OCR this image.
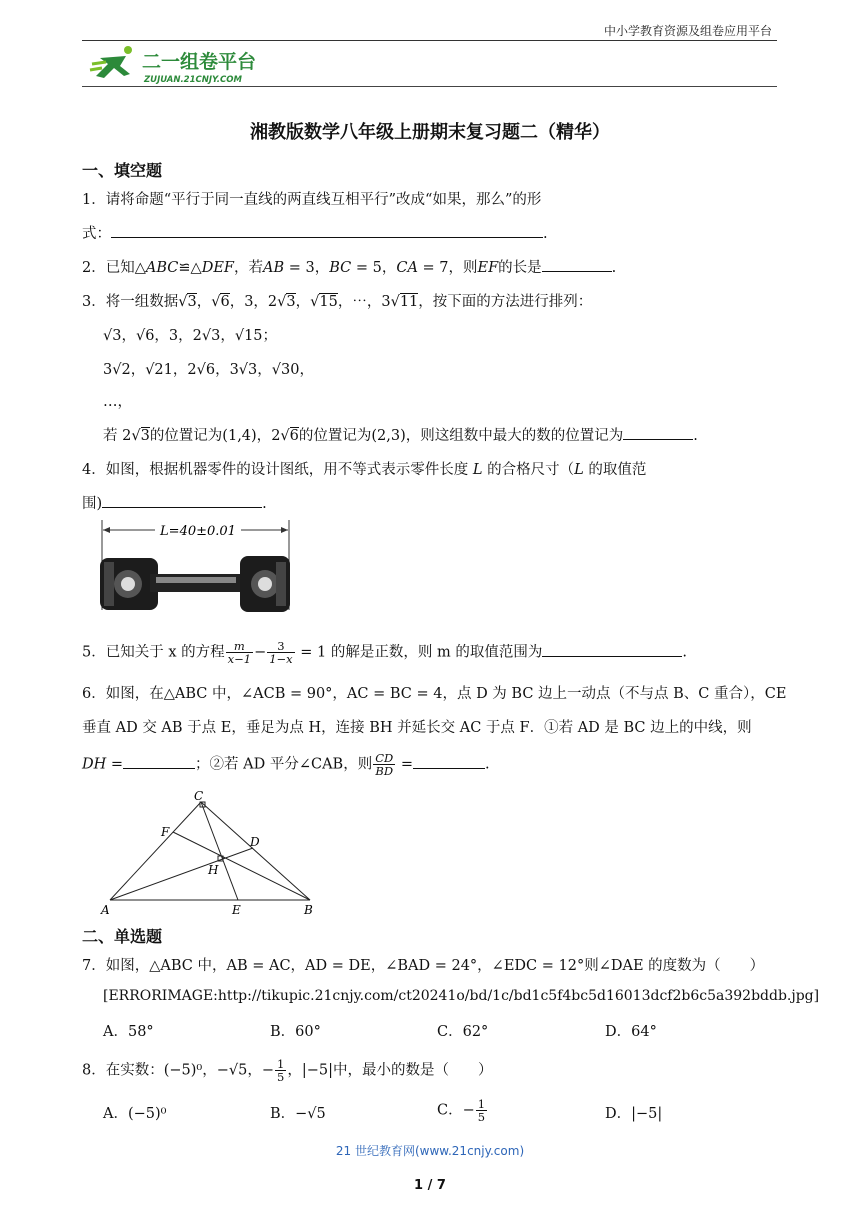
中小学教育资源及组卷应用平台
二一组卷平台
ZUJUAN.21CNJY.COM
湘教版数学八年级上册期末复习题二（精华）
一、填空题
1．请将命题“平行于同一直线的两直线互相平行”改成“如果，那么”的形
式：	.
2．已知△ABC≌△DEF，若AB = 3，BC = 5，CA = 7，则EF的长是	.
3．将一组数据√3，√6，3，2√3，√15，⋯，3√11，按下面的方法进行排列：
√3，√6，3，2√3，√15；
3√2，√21，2√6，3√3，√30，
…，
若 2√3的位置记为(1,4)，2√6的位置记为(2,3)，则这组数中最大的数的位置记为	.
4．如图，根据机器零件的设计图纸，用不等式表示零件长度 L 的合格尺寸（L 的取值范
围)	.
L=40±0.01
5．已知关于 x 的方程 $\frac{m}{x-1} - \frac{3}{1-x} = 1$ 的解是正数，则 m 的取值范围为	.
6．如图，在△ABC 中，∠ACB = 90°，AC = BC = 4，点 D 为 BC 边上一动点（不与点 B、C 重合），CE
垂直 AD 交 AB 于点 E，垂足为点 H，连接 BH 并延长交 AC 于点 F．①若 AD 是 BC 边上的中线，则
DH =	；②若 AD 平分∠CAB，则 $\frac{CD}{BD}$ =	.
C
F
D
H
A	E	B
二、单选题
7．如图，△ABC 中，AB = AC，AD = DE，∠BAD = 24°，∠EDC = 12°则∠DAE 的度数为（　　）
[ERRORIMAGE:http://tikupic.21cnjy.com/ct20241o/bd/1c/bd1c5f4bc5d16013dcf2b6c5a392bddb.jpg]
A．58°	B．60°	C．62°	D．64°
8．在实数：(−5)⁰，−√5，− $\frac{1}{5}$ ，|−5|中，最小的数是（　　）
A．(−5)⁰	B．−√5	C．− $\frac{1}{5}$	D．|−5|
21 世纪教育网(www.21cnjy.com)
1 / 7
